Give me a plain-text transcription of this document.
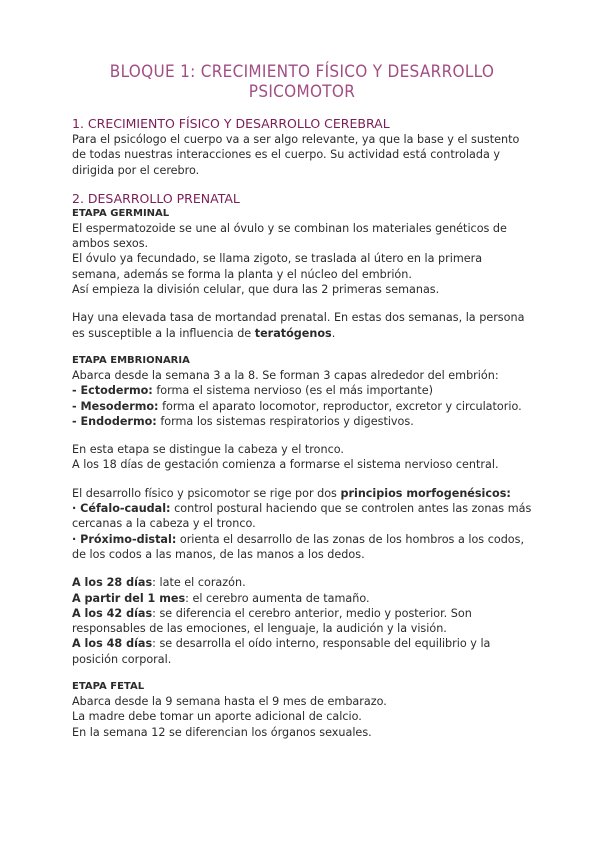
BLOQUE 1: CRECIMIENTO FÍSICO Y DESARROLLO PSICOMOTOR
1. CRECIMIENTO FÍSICO Y DESARROLLO CEREBRAL

Para el psicólogo el cuerpo va a ser algo relevante, ya que la base y el sustento de todas nuestras interacciones es el cuerpo. Su actividad está controlada y dirigida por el cerebro.

2. DESARROLLO PRENATAL
ETAPA GERMINAL

El espermatozoide se une al óvulo y se combinan los materiales genéticos de ambos sexos.

El óvulo ya fecundado, se llama zigoto, se traslada al útero en la primera semana, además se forma la planta y el núcleo del embrión.

Así empieza la división celular, que dura las 2 primeras semanas.

Hay una elevada tasa de mortandad prenatal. En estas dos semanas, la persona es susceptible a la influencia de teratógenos.

ETAPA EMBRIONARIA

Abarca desde la semana 3 a la 8. Se forman 3 capas alrededor del embrión:

- Ectodermo: forma el sistema nervioso (es el más importante)

- Mesodermo: forma el aparato locomotor, reproductor, excretor y circulatorio.

- Endodermo: forma los sistemas respiratorios y digestivos.

En esta etapa se distingue la cabeza y el tronco.

A los 18 días de gestación comienza a formarse el sistema nervioso central.

El desarrollo físico y psicomotor se rige por dos principios morfogenésicos:

· Céfalo-caudal: control postural haciendo que se controlen antes las zonas más cercanas a la cabeza y el tronco.

· Próximo-distal: orienta el desarrollo de las zonas de los hombros a los codos, de los codos a las manos, de las manos a los dedos.

A los 28 días: late el corazón.

A partir del 1 mes: el cerebro aumenta de tamaño.

A los 42 días: se diferencia el cerebro anterior, medio y posterior. Son responsables de las emociones, el lenguaje, la audición y la visión.

A los 48 días: se desarrolla el oído interno, responsable del equilibrio y la posición corporal.

ETAPA FETAL

Abarca desde la 9 semana hasta el 9 mes de embarazo.

La madre debe tomar un aporte adicional de calcio.

En la semana 12 se diferencian los órganos sexuales.
